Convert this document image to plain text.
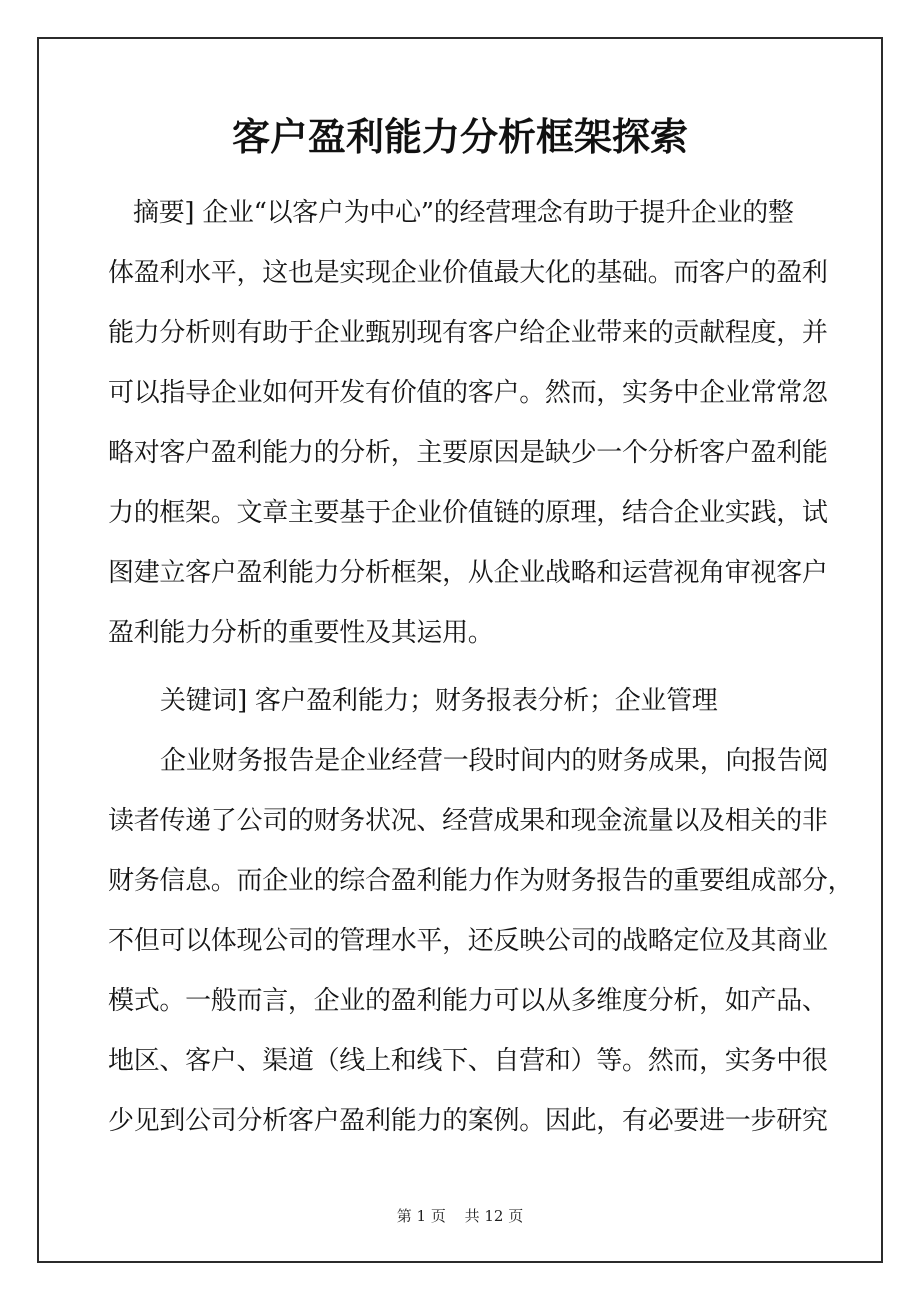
客户盈利能力分析框架探索
摘要] 企业“以客户为中心”的经营理念有助于提升企业的整
体盈利水平，这也是实现企业价值最大化的基础。而客户的盈利
能力分析则有助于企业甄别现有客户给企业带来的贡献程度，并
可以指导企业如何开发有价值的客户。然而，实务中企业常常忽
略对客户盈利能力的分析，主要原因是缺少一个分析客户盈利能
力的框架。文章主要基于企业价值链的原理，结合企业实践，试
图建立客户盈利能力分析框架，从企业战略和运营视角审视客户
盈利能力分析的重要性及其运用。
关键词] 客户盈利能力；财务报表分析；企业管理
企业财务报告是企业经营一段时间内的财务成果，向报告阅
读者传递了公司的财务状况、经营成果和现金流量以及相关的非
财务信息。而企业的综合盈利能力作为财务报告的重要组成部分，
不但可以体现公司的管理水平，还反映公司的战略定位及其商业
模式。一般而言，企业的盈利能力可以从多维度分析，如产品、
地区、客户、渠道（线上和线下、自营和）等。然而，实务中很
少见到公司分析客户盈利能力的案例。因此，有必要进一步研究
第 1 页 共 12 页
